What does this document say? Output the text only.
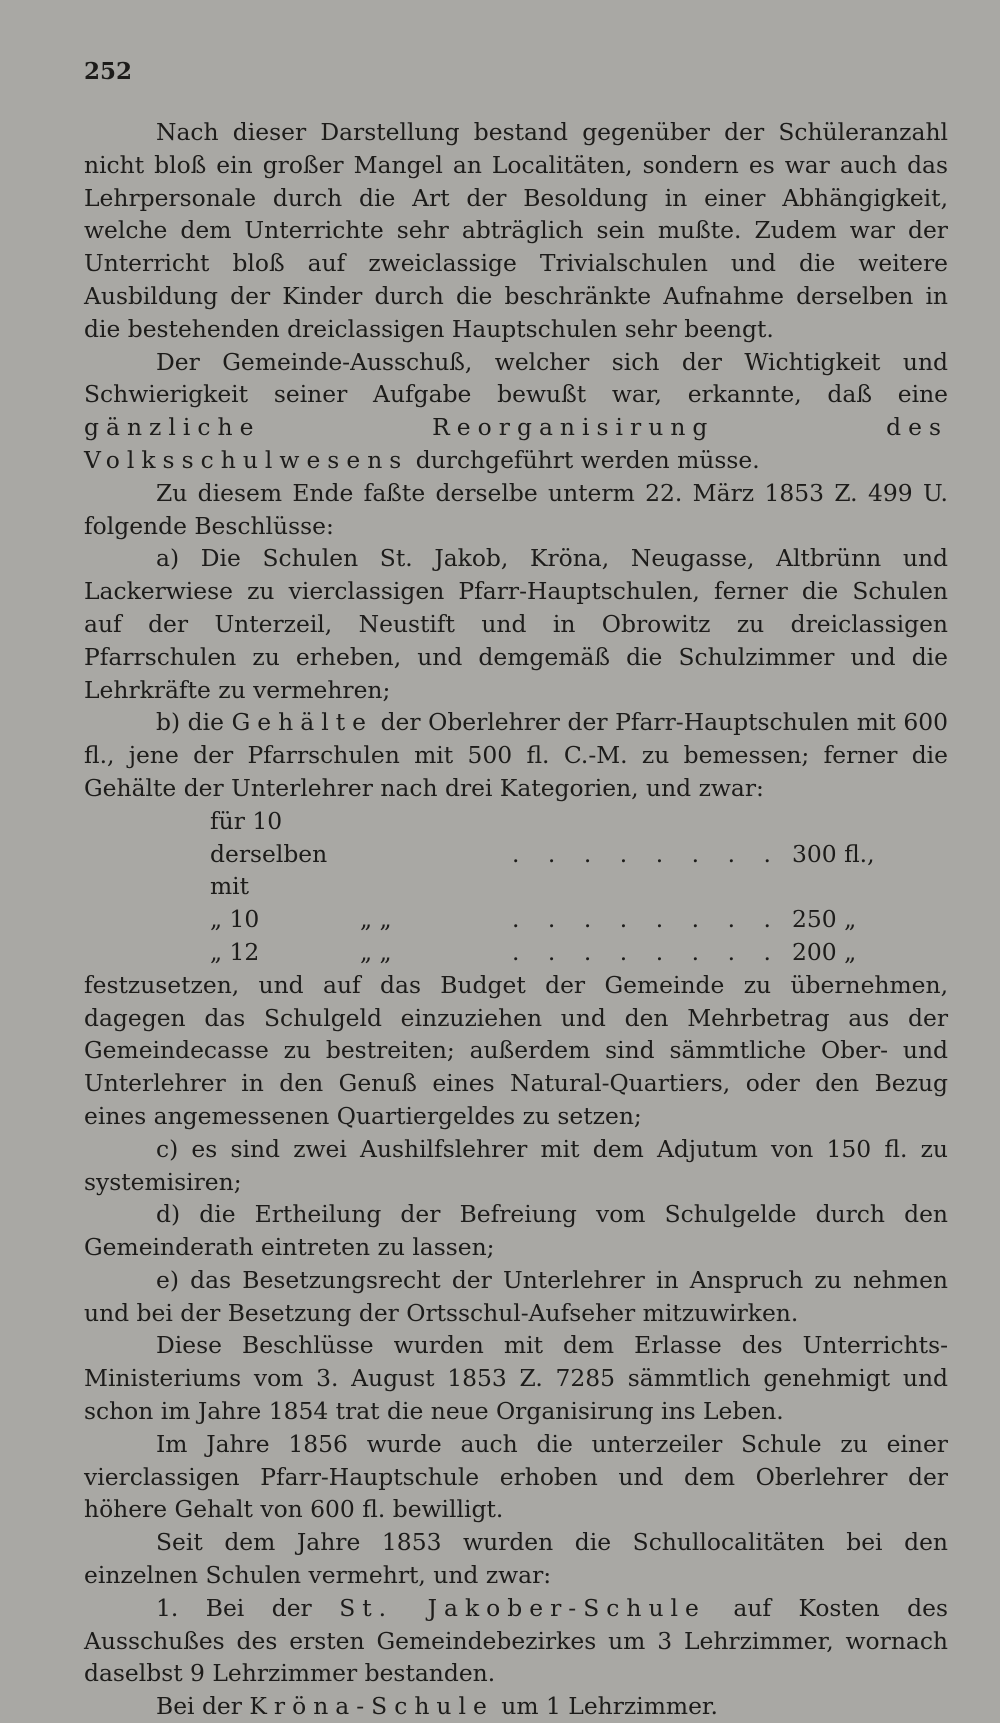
252

Nach dieser Darstellung bestand gegenüber der Schüleranzahl nicht bloß ein großer Mangel an Localitäten, sondern es war auch das Lehrpersonale durch die Art der Besoldung in einer Abhängigkeit, welche dem Unterrichte sehr abträglich sein mußte. Zudem war der Unterricht bloß auf zweiclassige Trivialschulen und die weitere Ausbildung der Kinder durch die beschränkte Aufnahme derselben in die bestehenden dreiclassigen Hauptschulen sehr beengt.

Der Gemeinde-Ausschuß, welcher sich der Wichtigkeit und Schwierigkeit seiner Aufgabe bewußt war, erkannte, daß eine gänzliche Reorganisirung des Volksschulwesens durchgeführt werden müsse.

Zu diesem Ende faßte derselbe unterm 22. März 1853 Z. 499 U. folgende Beschlüsse:

a) Die Schulen St. Jakob, Kröna, Neugasse, Altbrünn und Lackerwiese zu vierclassigen Pfarr-Hauptschulen, ferner die Schulen auf der Unterzeil, Neustift und in Obrowitz zu dreiclassigen Pfarrschulen zu erheben, und demgemäß die Schulzimmer und die Lehrkräfte zu vermehren;

b) die Gehälte der Oberlehrer der Pfarr-Hauptschulen mit 600 fl., jene der Pfarrschulen mit 500 fl. C.-M. zu bemessen; ferner die Gehälte der Unterlehrer nach drei Kategorien, und zwar:

für 10 derselben mit		. . . . . . . .	300 fl.,
„ 10	„ „	. . . . . . . .	250 „
„ 12	„ „	. . . . . . . .	200 „

festzusetzen, und auf das Budget der Gemeinde zu übernehmen, dagegen das Schulgeld einzuziehen und den Mehrbetrag aus der Gemeindecasse zu bestreiten; außerdem sind sämmtliche Ober- und Unterlehrer in den Genuß eines Natural-Quartiers, oder den Bezug eines angemessenen Quartiergeldes zu setzen;

c) es sind zwei Aushilfslehrer mit dem Adjutum von 150 fl. zu systemisiren;

d) die Ertheilung der Befreiung vom Schulgelde durch den Gemeinderath eintreten zu lassen;

e) das Besetzungsrecht der Unterlehrer in Anspruch zu nehmen und bei der Besetzung der Ortsschul-Aufseher mitzuwirken.

Diese Beschlüsse wurden mit dem Erlasse des Unterrichts-Ministeriums vom 3. August 1853 Z. 7285 sämmtlich genehmigt und schon im Jahre 1854 trat die neue Organisirung ins Leben.

Im Jahre 1856 wurde auch die unterzeiler Schule zu einer vierclassigen Pfarr-Hauptschule erhoben und dem Oberlehrer der höhere Gehalt von 600 fl. bewilligt.

Seit dem Jahre 1853 wurden die Schullocalitäten bei den einzelnen Schulen vermehrt, und zwar:

1. Bei der St. Jakober-Schule auf Kosten des Ausschußes des ersten Gemeindebezirkes um 3 Lehrzimmer, wornach daselbst 9 Lehrzimmer bestanden.

Bei der Kröna-Schule um 1 Lehrzimmer.
